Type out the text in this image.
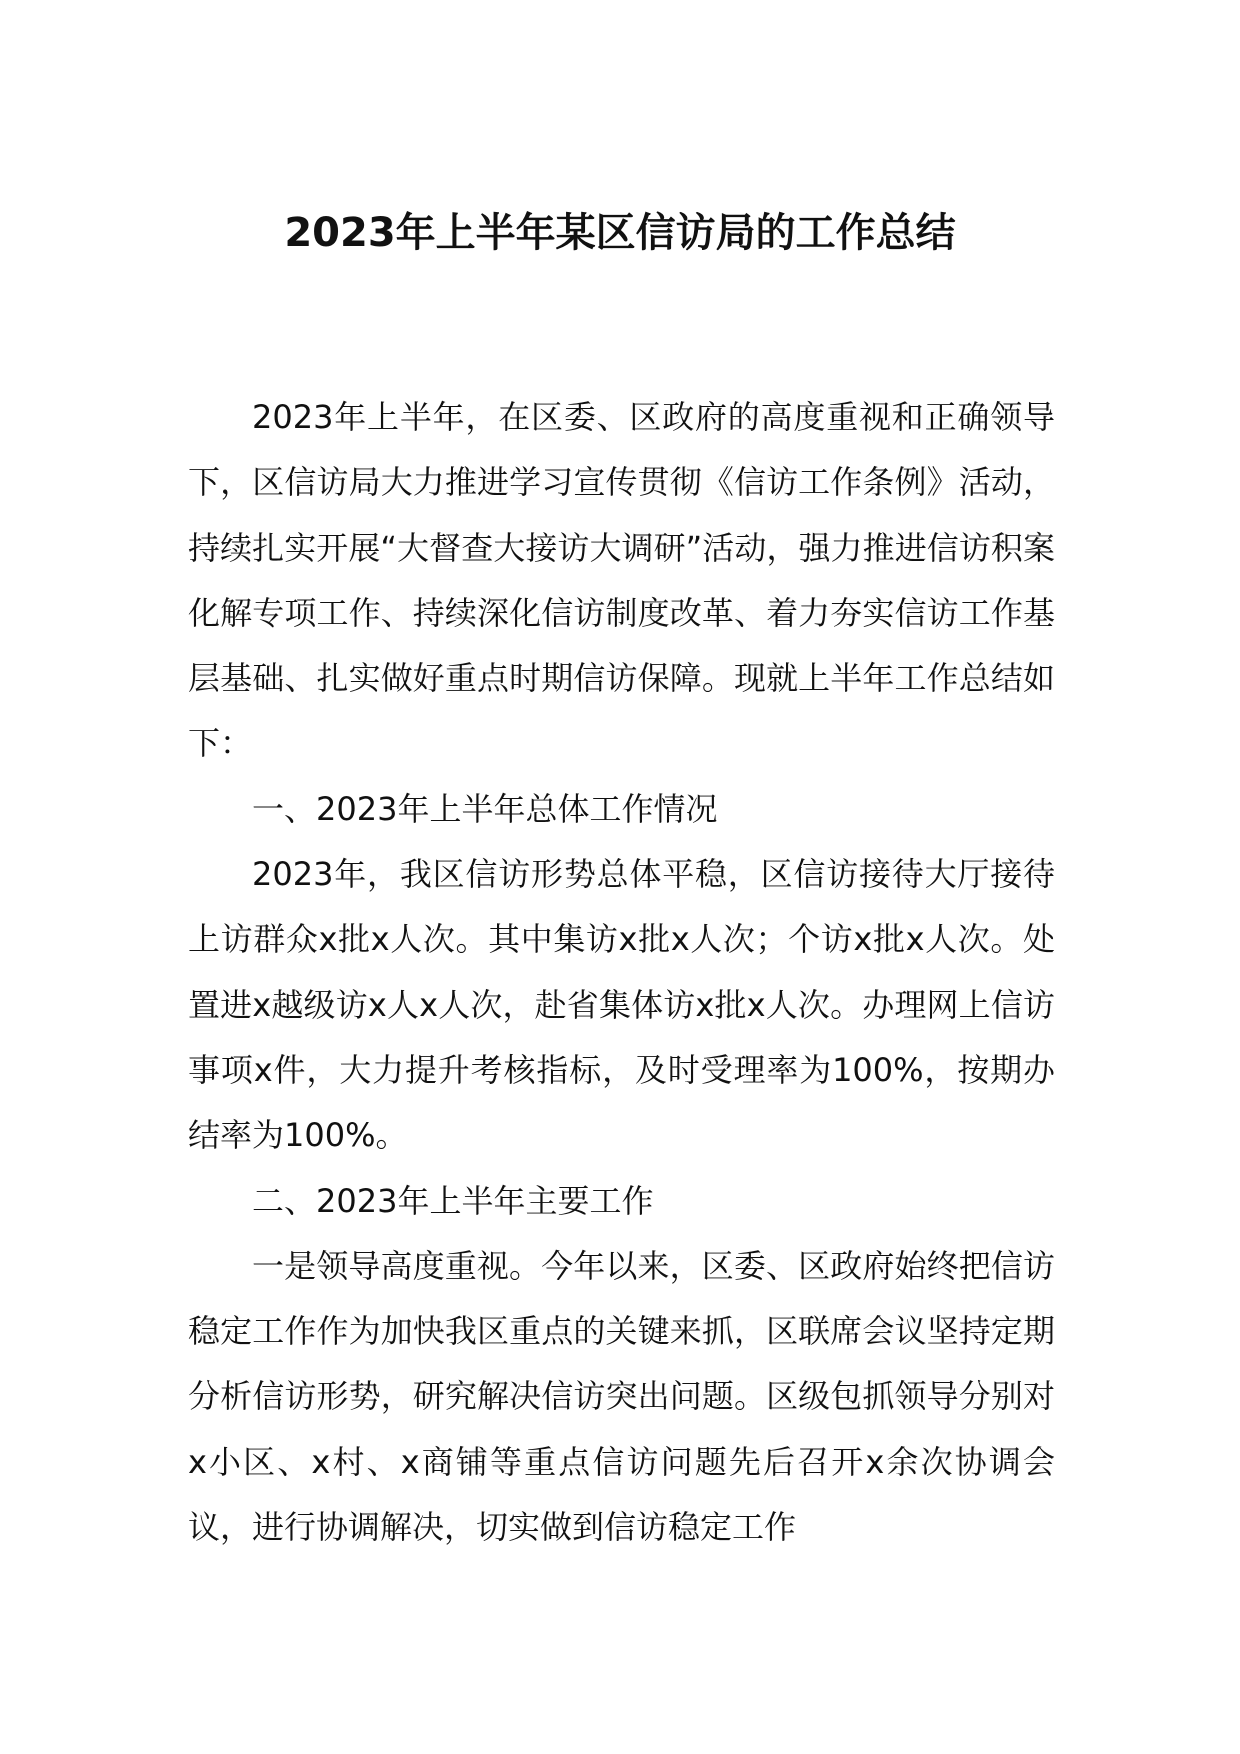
2023年上半年某区信访局的工作总结

2023年上半年，在区委、区政府的高度重视和正确领导下，区信访局大力推进学习宣传贯彻《信访工作条例》活动，持续扎实开展“大督查大接访大调研”活动，强力推进信访积案化解专项工作、持续深化信访制度改革、着力夯实信访工作基层基础、扎实做好重点时期信访保障。现就上半年工作总结如下：

一、2023年上半年总体工作情况

2023年，我区信访形势总体平稳，区信访接待大厅接待上访群众x批x人次。其中集访x批x人次；个访x批x人次。处置进x越级访x人x人次，赴省集体访x批x人次。办理网上信访事项x件，大力提升考核指标，及时受理率为100%，按期办结率为100%。

二、2023年上半年主要工作

一是领导高度重视。今年以来，区委、区政府始终把信访稳定工作作为加快我区重点的关键来抓，区联席会议坚持定期分析信访形势，研究解决信访突出问题。区级包抓领导分别对x小区、x村、x商铺等重点信访问题先后召开x余次协调会议，进行协调解决，切实做到信访稳定工作
